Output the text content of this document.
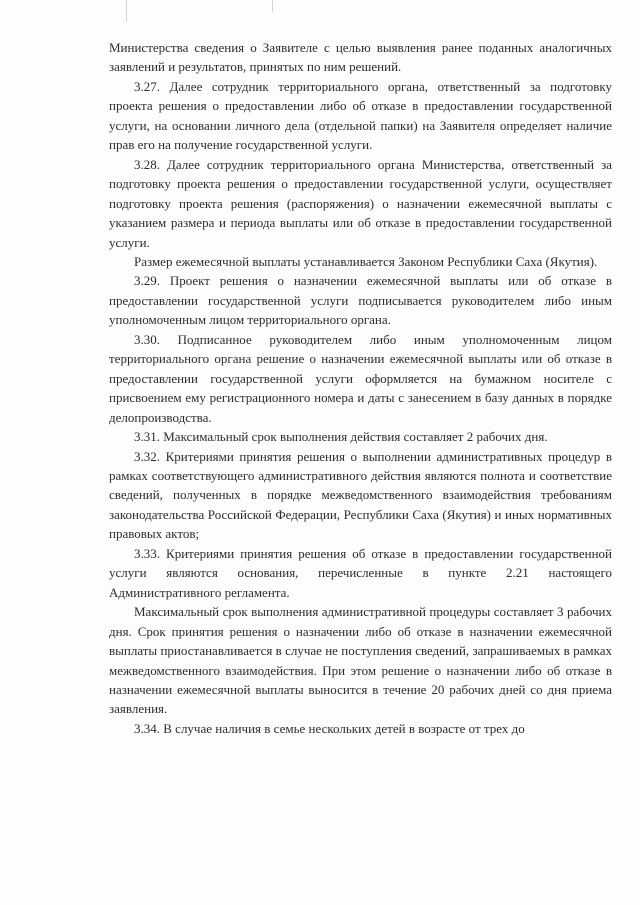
Министерства сведения о Заявителе с целью выявления ранее поданных аналогичных заявлений и результатов, принятых по ним решений.

3.27. Далее сотрудник территориального органа, ответственный за подготовку проекта решения о предоставлении либо об отказе в предоставлении государственной услуги, на основании личного дела (отдельной папки) на Заявителя определяет наличие прав его на получение государственной услуги.

3.28. Далее сотрудник территориального органа Министерства, ответственный за подготовку проекта решения о предоставлении государственной услуги, осуществляет подготовку проекта решения (распоряжения) о назначении ежемесячной выплаты с указанием размера и периода выплаты или об отказе в предоставлении государственной услуги.

Размер ежемесячной выплаты устанавливается Законом Республики Саха (Якутия).

3.29. Проект решения о назначении ежемесячной выплаты или об отказе в предоставлении государственной услуги подписывается руководителем либо иным уполномоченным лицом территориального органа.

3.30. Подписанное руководителем либо иным уполномоченным лицом территориального органа решение о назначении ежемесячной выплаты или об отказе в предоставлении государственной услуги оформляется на бумажном носителе с присвоением ему регистрационного номера и даты с занесением в базу данных в порядке делопроизводства.

3.31. Максимальный срок выполнения действия составляет 2 рабочих дня.

3.32. Критериями принятия решения о выполнении административных процедур в рамках соответствующего административного действия являются полнота и соответствие сведений, полученных в порядке межведомственного взаимодействия требованиям законодательства Российской Федерации, Республики Саха (Якутия) и иных нормативных правовых актов;

3.33. Критериями принятия решения об отказе в предоставлении государственной услуги являются основания, перечисленные в пункте 2.21 настоящего Административного регламента.

Максимальный срок выполнения административной процедуры составляет 3 рабочих дня. Срок принятия решения о назначении либо об отказе в назначении ежемесячной выплаты приостанавливается в случае не поступления сведений, запрашиваемых в рамках межведомственного взаимодействия. При этом решение о назначении либо об отказе в назначении ежемесячной выплаты выносится в течение 20 рабочих дней со дня приема заявления.

3.34. В случае наличия в семье нескольких детей в возрасте от трех до
